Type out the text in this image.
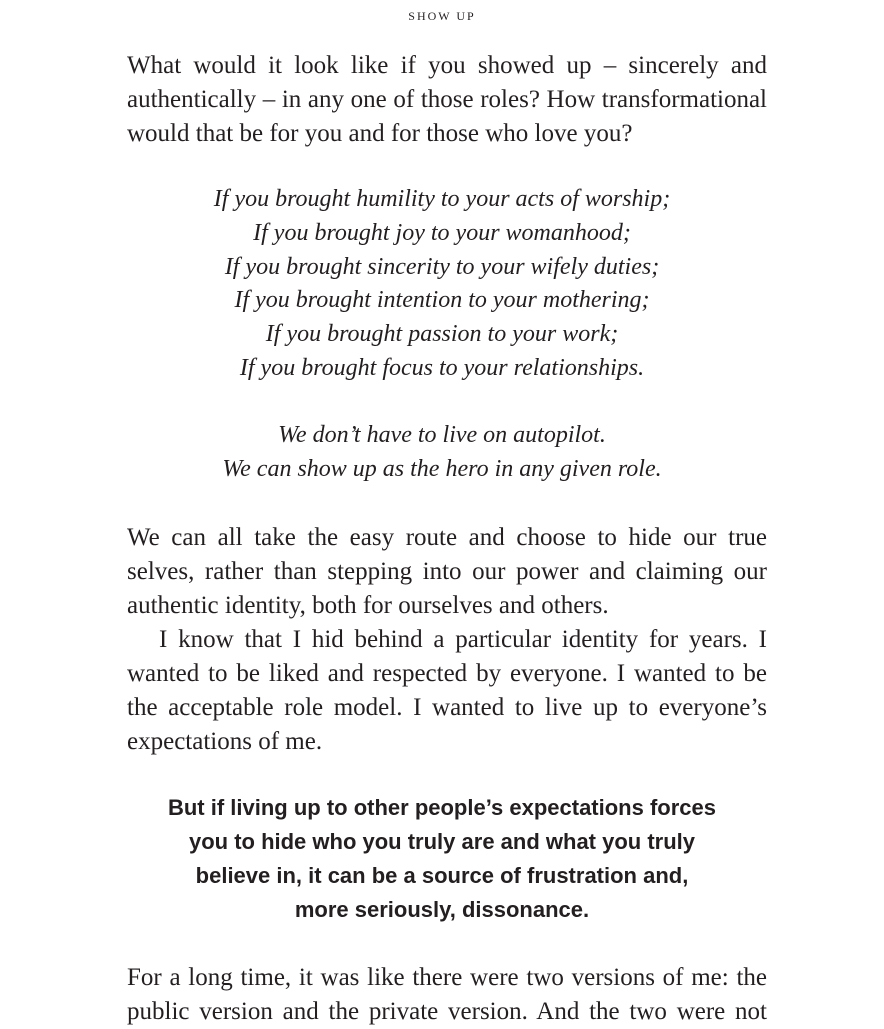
SHOW UP
What would it look like if you showed up – sincerely and
authentically – in any one of those roles? How transformational
would that be for you and for those who love you?
If you brought humility to your acts of worship;
If you brought joy to your womanhood;
If you brought sincerity to your wifely duties;
If you brought intention to your mothering;
If you brought passion to your work;
If you brought focus to your relationships.
We don’t have to live on autopilot.
We can show up as the hero in any given role.
We can all take the easy route and choose to hide our true
selves, rather than stepping into our power and claiming our
authentic identity, both for ourselves and others.
I know that I hid behind a particular identity for years. I
wanted to be liked and respected by everyone. I wanted to be
the acceptable role model. I wanted to live up to everyone’s
expectations of me.
But if living up to other people’s expectations forces
you to hide who you truly are and what you truly
believe in, it can be a source of frustration and,
more seriously, dissonance.
For a long time, it was like there were two versions of me: the
public version and the private version. And the two were not
